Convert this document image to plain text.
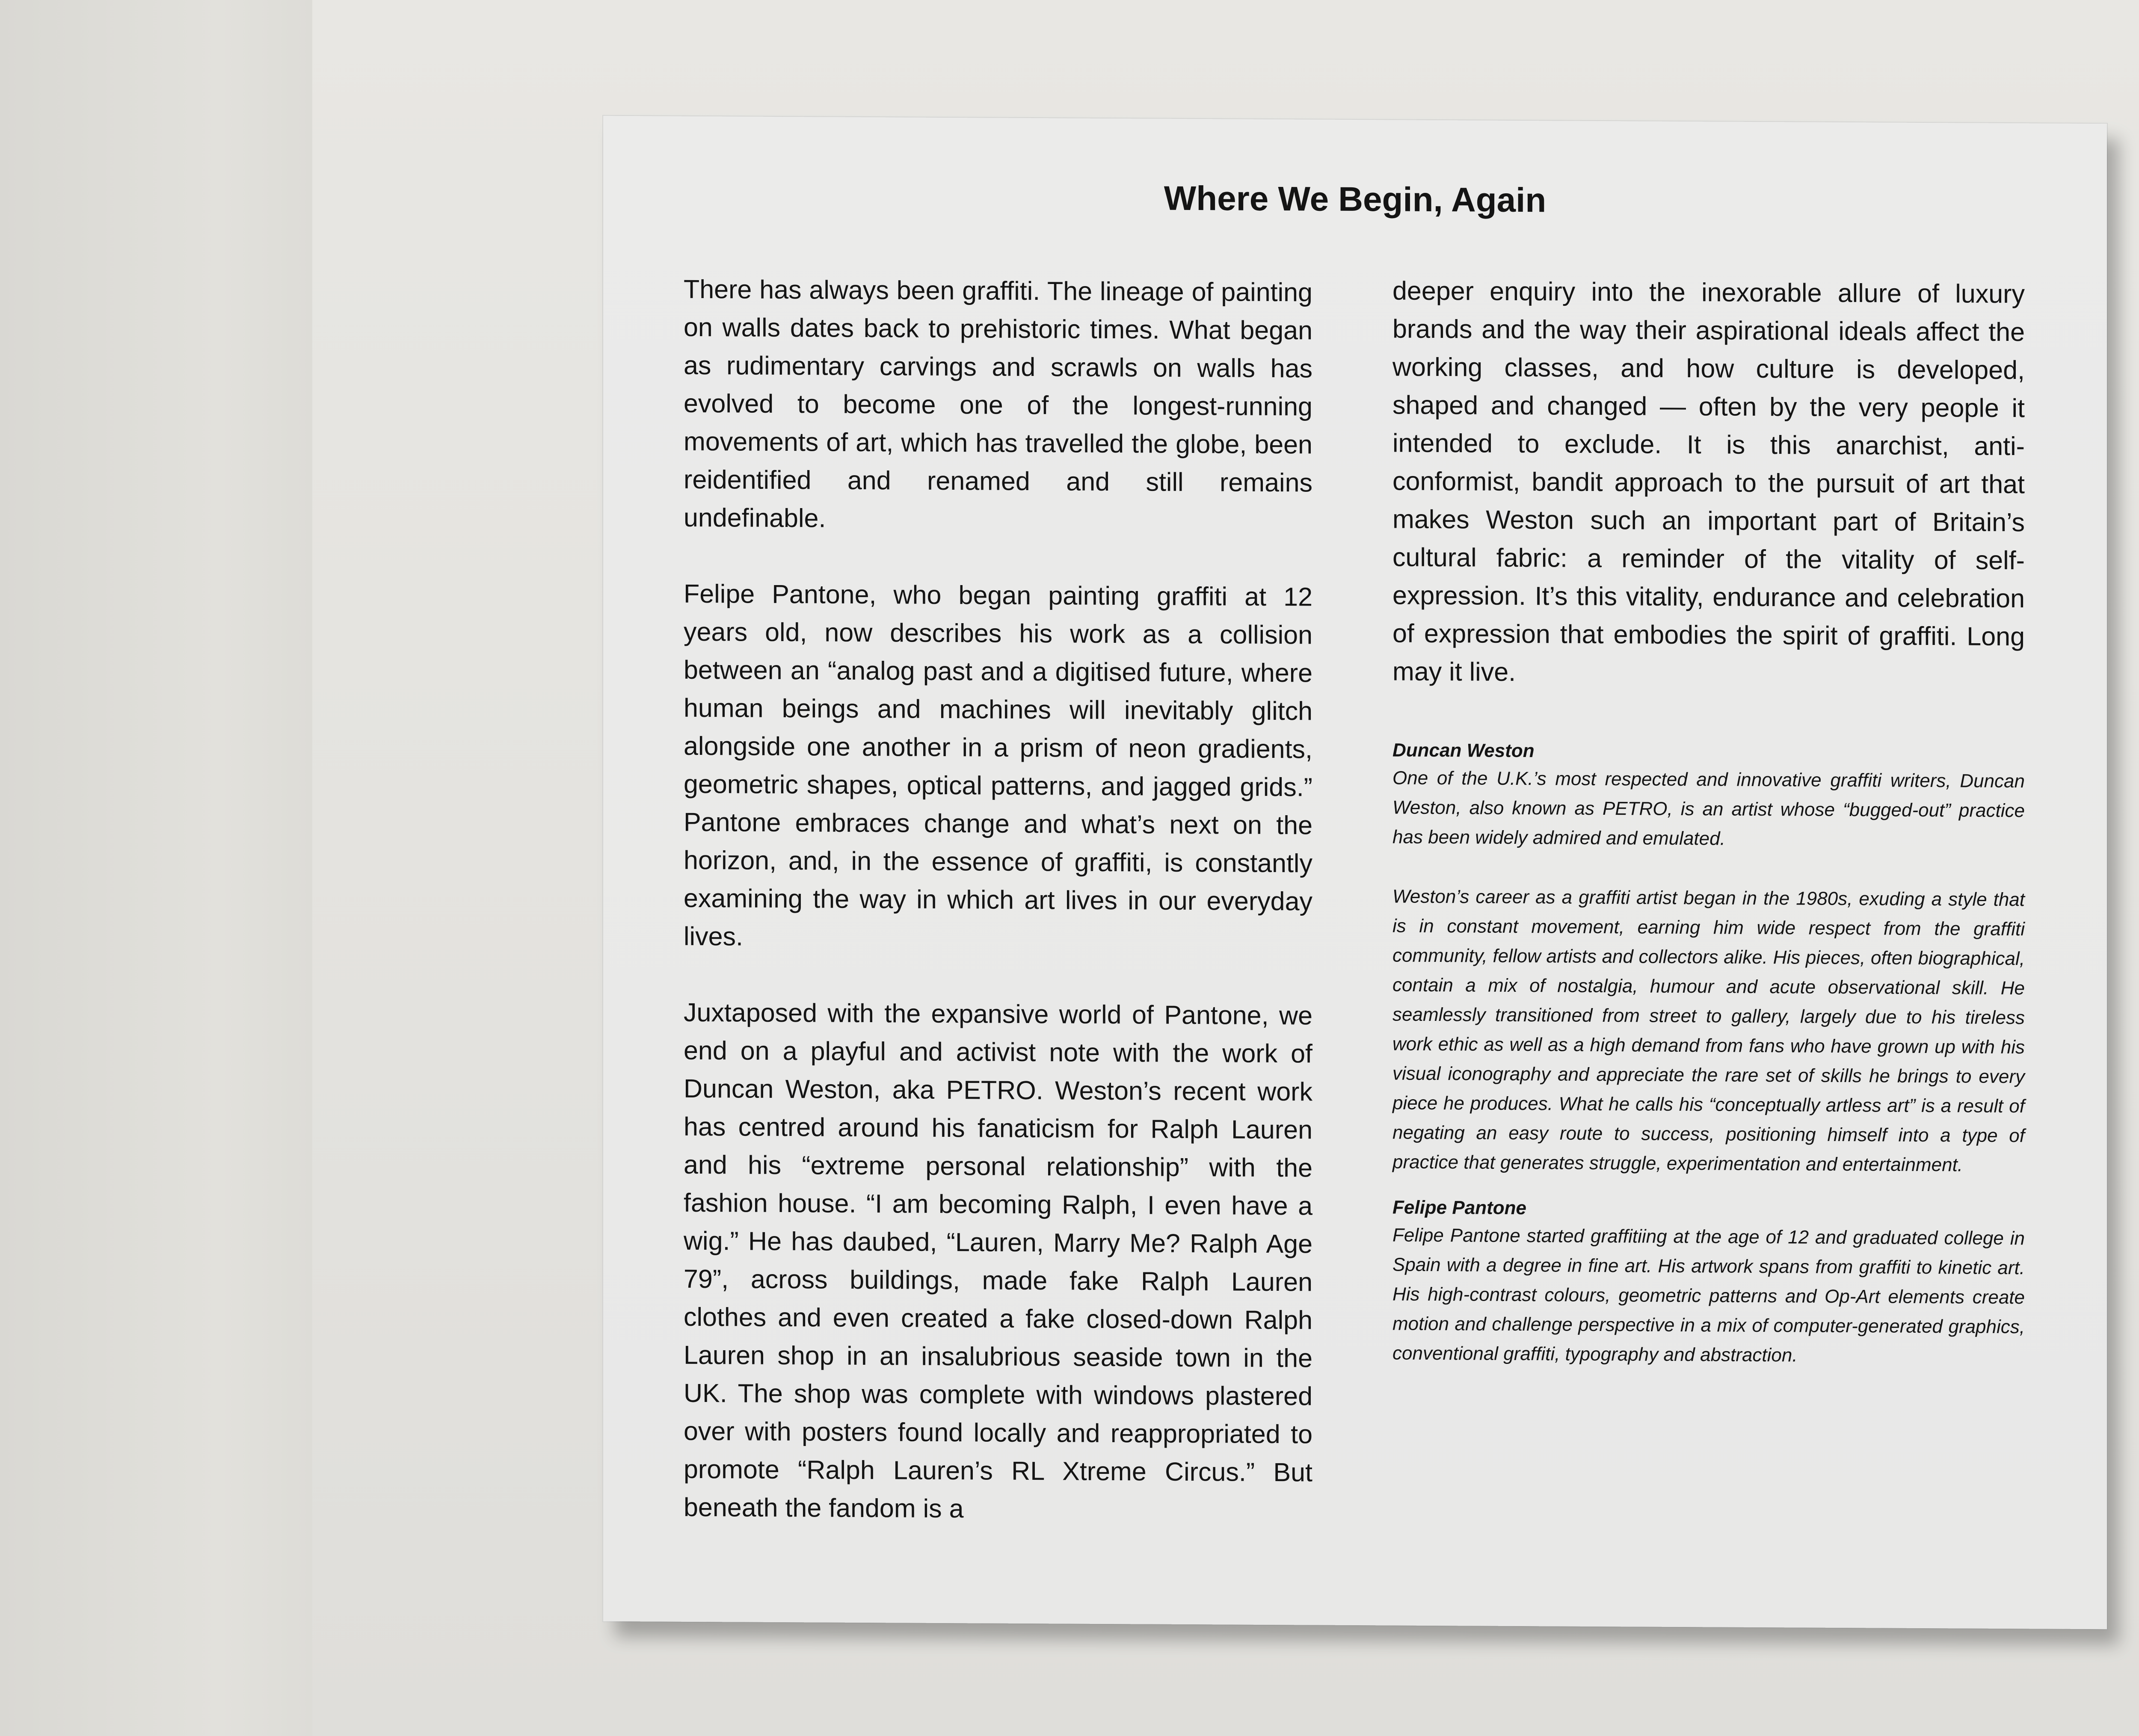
Where We Begin, Again

There has always been graffiti. The lineage of painting on walls dates back to prehistoric times. What began as rudimentary carvings and scrawls on walls has evolved to become one of the longest-running movements of art, which has travelled the globe, been reidentified and renamed and still remains undefinable.

Felipe Pantone, who began painting graffiti at 12 years old, now describes his work as a collision between an “analog past and a digitised future, where human beings and machines will inevitably glitch alongside one another in a prism of neon gradients, geometric shapes, optical patterns, and jagged grids.” Pantone embraces change and what’s next on the horizon, and, in the essence of graffiti, is constantly examining the way in which art lives in our everyday lives.

Juxtaposed with the expansive world of Pantone, we end on a playful and activist note with the work of Duncan Weston, aka PETRO. Weston’s recent work has centred around his fanaticism for Ralph Lauren and his “extreme personal relationship” with the fashion house. “I am becoming Ralph, I even have a wig.” He has daubed, “Lauren, Marry Me? Ralph Age 79”, across buildings, made fake Ralph Lauren clothes and even created a fake closed-down Ralph Lauren shop in an insalubrious seaside town in the UK. The shop was complete with windows plastered over with posters found locally and reappropriated to promote “Ralph Lauren’s RL Xtreme Circus.” But beneath the fandom is a

deeper enquiry into the inexorable allure of luxury brands and the way their aspirational ideals affect the working classes, and how culture is developed, shaped and changed — often by the very people it intended to exclude. It is this anarchist, anti-conformist, bandit approach to the pursuit of art that makes Weston such an important part of Britain’s cultural fabric: a reminder of the vitality of self-expression. It’s this vitality, endurance and celebration of expression that embodies the spirit of graffiti. Long may it live.

Duncan Weston

One of the U.K.’s most respected and innovative graffiti writers, Duncan Weston, also known as PETRO, is an artist whose “bugged-out” practice has been widely admired and emulated.

Weston’s career as a graffiti artist began in the 1980s, exuding a style that is in constant movement, earning him wide respect from the graffiti community, fellow artists and collectors alike. His pieces, often biographical, contain a mix of nostalgia, humour and acute observational skill. He seamlessly transitioned from street to gallery, largely due to his tireless work ethic as well as a high demand from fans who have grown up with his visual iconography and appreciate the rare set of skills he brings to every piece he produces. What he calls his “conceptually artless art” is a result of negating an easy route to success, positioning himself into a type of practice that generates struggle, experimentation and entertainment.

Felipe Pantone

Felipe Pantone started graffitiing at the age of 12 and graduated college in Spain with a degree in fine art. His artwork spans from graffiti to kinetic art. His high-contrast colours, geometric patterns and Op-Art elements create motion and challenge perspective in a mix of computer-generated graphics, conventional graffiti, typography and abstraction.
